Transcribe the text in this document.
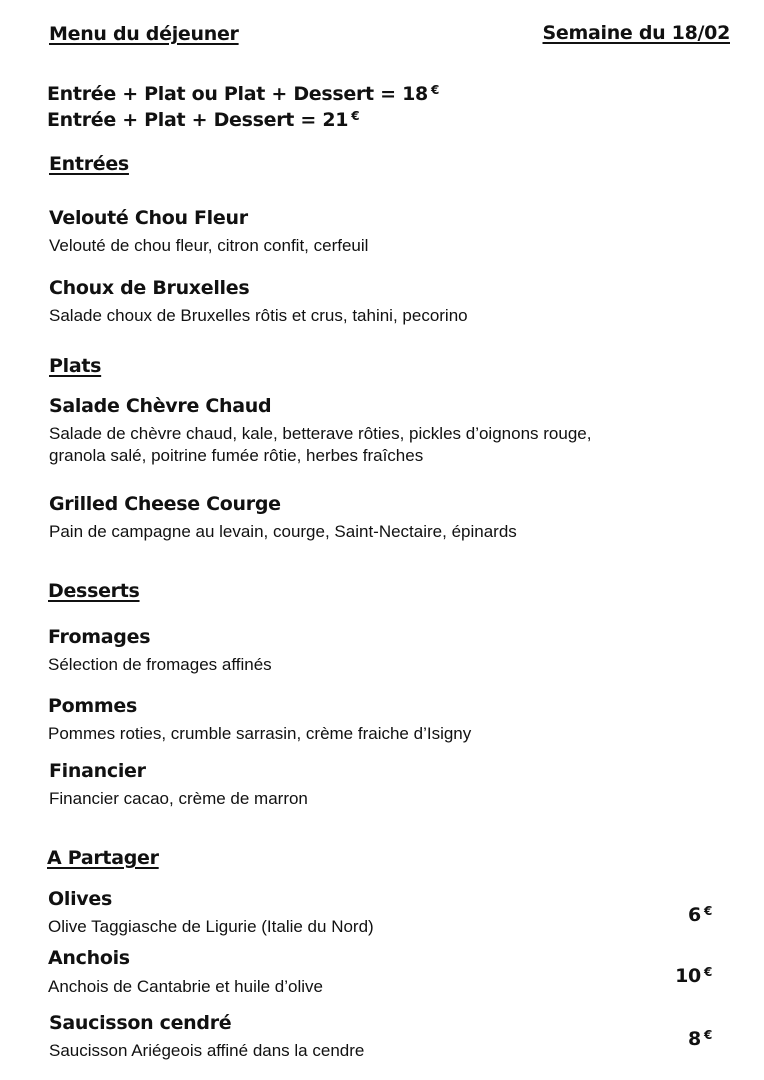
Menu du déjeuner	Semaine du 18/02
Entrée + Plat ou Plat + Dessert = 18 €
Entrée + Plat + Dessert = 21 €
Entrées
Velouté Chou Fleur
Velouté de chou fleur, citron confit, cerfeuil
Choux de Bruxelles
Salade choux de Bruxelles rôtis et crus, tahini, pecorino
Plats
Salade Chèvre Chaud
Salade de chèvre chaud, kale, betterave rôties, pickles d’oignons rouge,
granola salé, poitrine fumée rôtie, herbes fraîches
Grilled Cheese Courge
Pain de campagne au levain, courge, Saint-Nectaire, épinards
Desserts
Fromages
Sélection de fromages affinés
Pommes
Pommes roties, crumble sarrasin, crème fraiche d’Isigny
Financier
Financier cacao, crème de marron
A Partager
Olives
Olive Taggiasche de Ligurie (Italie du Nord)
6 €
Anchois
Anchois de Cantabrie et huile d’olive	10 €
Saucisson cendré
Saucisson Ariégeois affiné dans la cendre
8 €
